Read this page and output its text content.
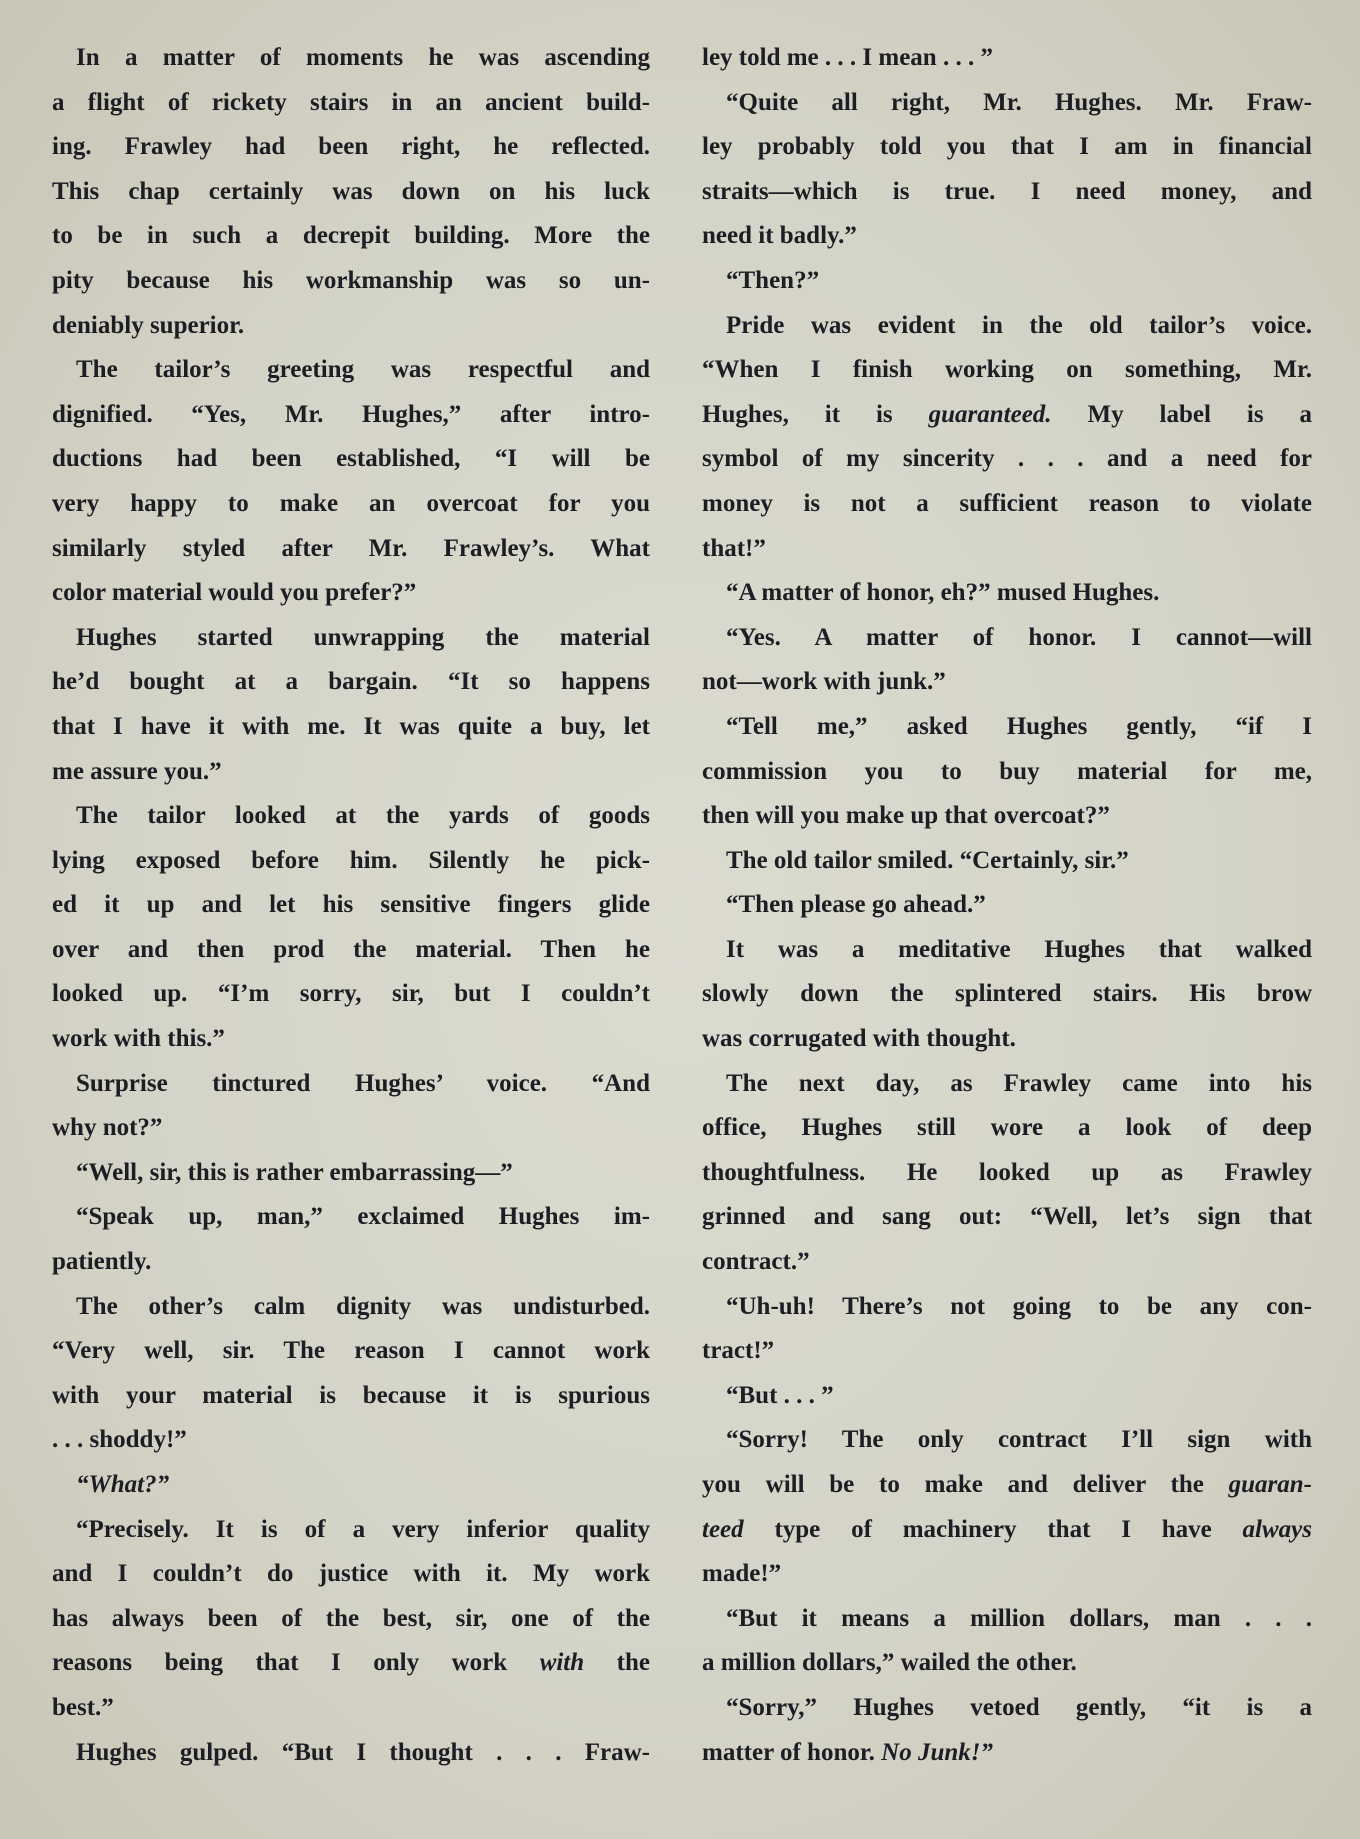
In a matter of moments he was ascending
a flight of rickety stairs in an ancient build-
ing. Frawley had been right, he reflected.
This chap certainly was down on his luck
to be in such a decrepit building. More the
pity because his workmanship was so un-
deniably superior.
The tailor’s greeting was respectful and
dignified. “Yes, Mr. Hughes,” after intro-
ductions had been established, “I will be
very happy to make an overcoat for you
similarly styled after Mr. Frawley’s. What
color material would you prefer?”
Hughes started unwrapping the material
he’d bought at a bargain. “It so happens
that I have it with me. It was quite a buy, let
me assure you.”
The tailor looked at the yards of goods
lying exposed before him. Silently he pick-
ed it up and let his sensitive fingers glide
over and then prod the material. Then he
looked up. “I’m sorry, sir, but I couldn’t
work with this.”
Surprise tinctured Hughes’ voice. “And
why not?”
“Well, sir, this is rather embarrassing—”
“Speak up, man,” exclaimed Hughes im-
patiently.
The other’s calm dignity was undisturbed.
“Very well, sir. The reason I cannot work
with your material is because it is spurious
. . . shoddy!”
“What?”
“Precisely. It is of a very inferior quality
and I couldn’t do justice with it. My work
has always been of the best, sir, one of the
reasons being that I only work with the
best.”
Hughes gulped. “But I thought . . . Fraw-
ley told me . . . I mean . . . ”
“Quite all right, Mr. Hughes. Mr. Fraw-
ley probably told you that I am in financial
straits—which is true. I need money, and
need it badly.”
“Then?”
Pride was evident in the old tailor’s voice.
“When I finish working on something, Mr.
Hughes, it is guaranteed. My label is a
symbol of my sincerity . . . and a need for
money is not a sufficient reason to violate
that!”
“A matter of honor, eh?” mused Hughes.
“Yes. A matter of honor. I cannot—will
not—work with junk.”
“Tell me,” asked Hughes gently, “if I
commission you to buy material for me,
then will you make up that overcoat?”
The old tailor smiled. “Certainly, sir.”
“Then please go ahead.”
It was a meditative Hughes that walked
slowly down the splintered stairs. His brow
was corrugated with thought.
The next day, as Frawley came into his
office, Hughes still wore a look of deep
thoughtfulness. He looked up as Frawley
grinned and sang out: “Well, let’s sign that
contract.”
“Uh-uh! There’s not going to be any con-
tract!”
“But . . . ”
“Sorry! The only contract I’ll sign with
you will be to make and deliver the guaran-
teed type of machinery that I have always
made!”
“But it means a million dollars, man . . .
a million dollars,” wailed the other.
“Sorry,” Hughes vetoed gently, “it is a
matter of honor. No Junk!”
